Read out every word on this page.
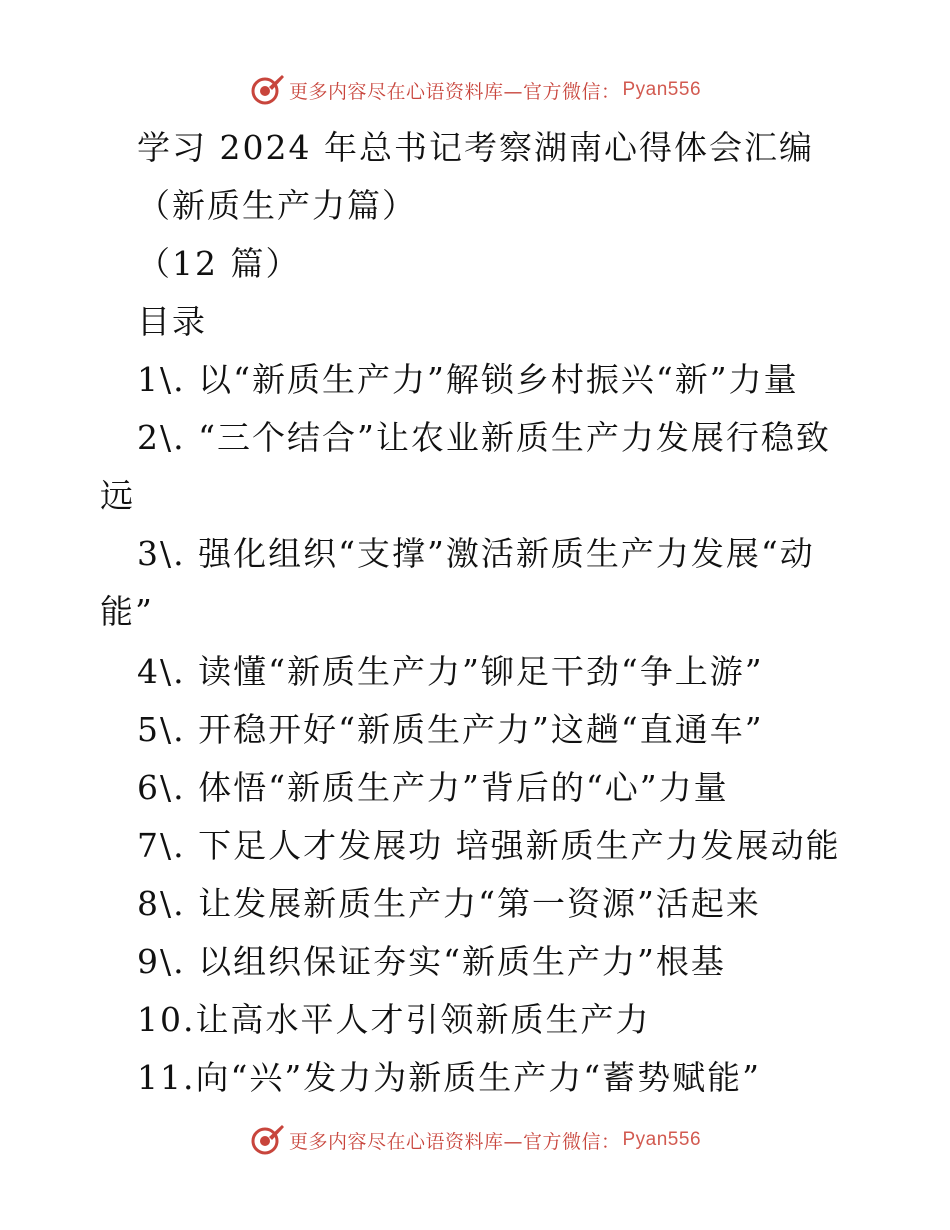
更多内容尽在心语资料库—官方微信： Pyan556
学习 2024 年总书记考察湖南心得体会汇编
（新质生产力篇）
（12 篇）
目录
1\. 以“新质生产力”解锁乡村振兴“新”力量
2\. “三个结合”让农业新质生产力发展行稳致
远
3\. 强化组织“支撑”激活新质生产力发展“动
能”
4\. 读懂“新质生产力”铆足干劲“争上游”
5\. 开稳开好“新质生产力”这趟“直通车”
6\. 体悟“新质生产力”背后的“心”力量
7\. 下足人才发展功 培强新质生产力发展动能
8\. 让发展新质生产力“第一资源”活起来
9\. 以组织保证夯实“新质生产力”根基
10.让高水平人才引领新质生产力
11.向“兴”发力为新质生产力“蓄势赋能”
更多内容尽在心语资料库—官方微信： Pyan556
